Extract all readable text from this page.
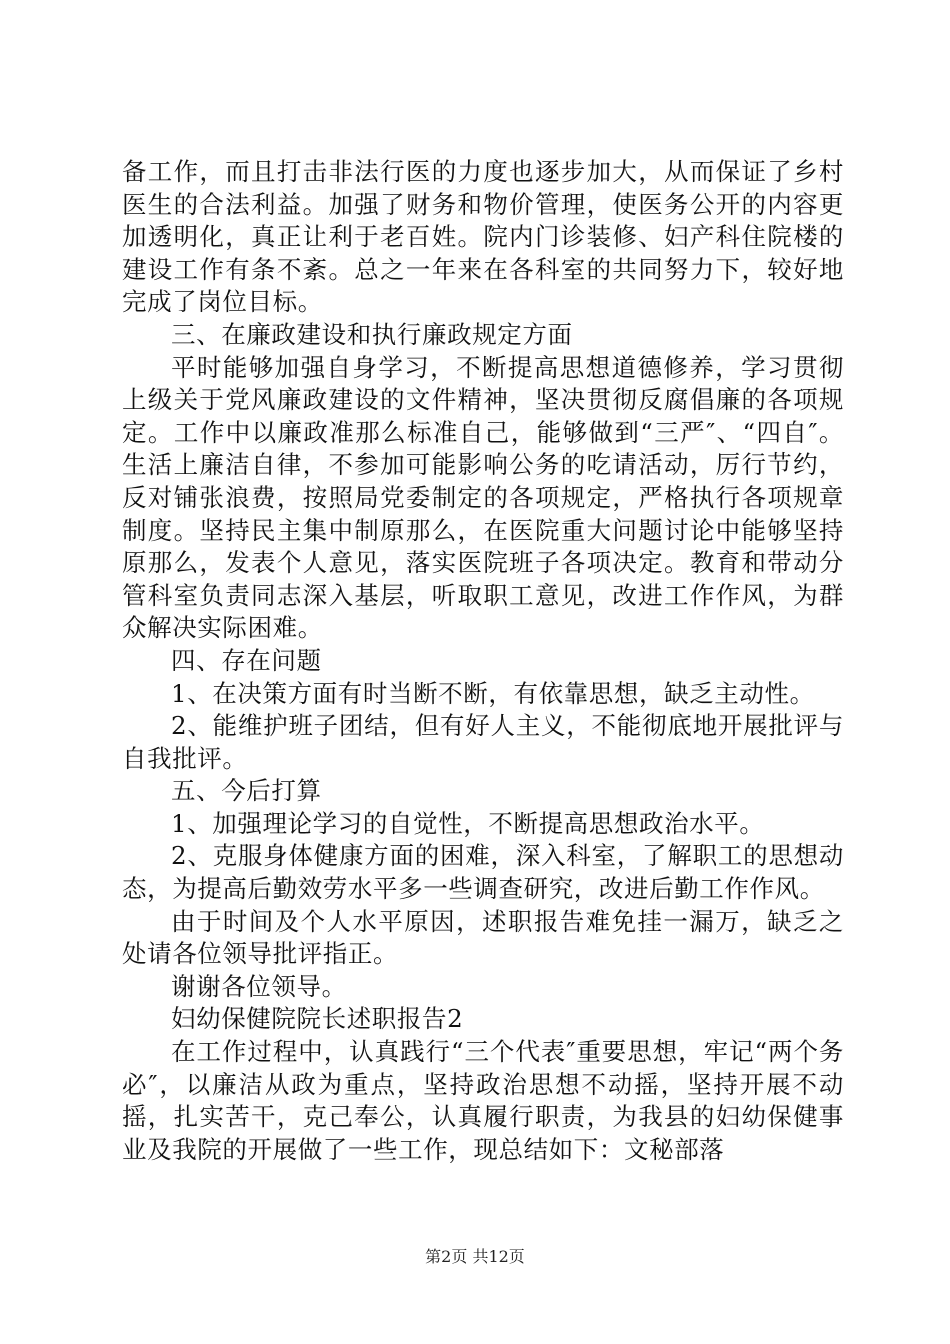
备工作，而且打击非法行医的力度也逐步加大，从而保证了乡村医生的合法利益。加强了财务和物价管理，使医务公开的内容更加透明化，真正让利于老百姓。院内门诊装修、妇产科住院楼的建设工作有条不紊。总之一年来在各科室的共同努力下，较好地完成了岗位目标。

三、在廉政建设和执行廉政规定方面

平时能够加强自身学习，不断提高思想道德修养，学习贯彻上级关于党风廉政建设的文件精神，坚决贯彻反腐倡廉的各项规定。工作中以廉政准那么标准自己，能够做到“三严″、“四自″。生活上廉洁自律，不参加可能影响公务的吃请活动，厉行节约，反对铺张浪费，按照局党委制定的各项规定，严格执行各项规章制度。坚持民主集中制原那么，在医院重大问题讨论中能够坚持原那么，发表个人意见，落实医院班子各项决定。教育和带动分管科室负责同志深入基层，听取职工意见，改进工作作风，为群众解决实际困难。

四、存在问题

1、在决策方面有时当断不断，有依靠思想，缺乏主动性。

2、能维护班子团结，但有好人主义，不能彻底地开展批评与自我批评。

五、今后打算

1、加强理论学习的自觉性，不断提高思想政治水平。

2、克服身体健康方面的困难，深入科室，了解职工的思想动态，为提高后勤效劳水平多一些调查研究，改进后勤工作作风。

由于时间及个人水平原因，述职报告难免挂一漏万，缺乏之处请各位领导批评指正。

谢谢各位领导。

妇幼保健院院长述职报告2

在工作过程中，认真践行“三个代表″重要思想，牢记“两个务必″，以廉洁从政为重点，坚持政治思想不动摇，坚持开展不动摇，扎实苦干，克己奉公，认真履行职责，为我县的妇幼保健事业及我院的开展做了一些工作，现总结如下：文秘部落

第2页 共12页
